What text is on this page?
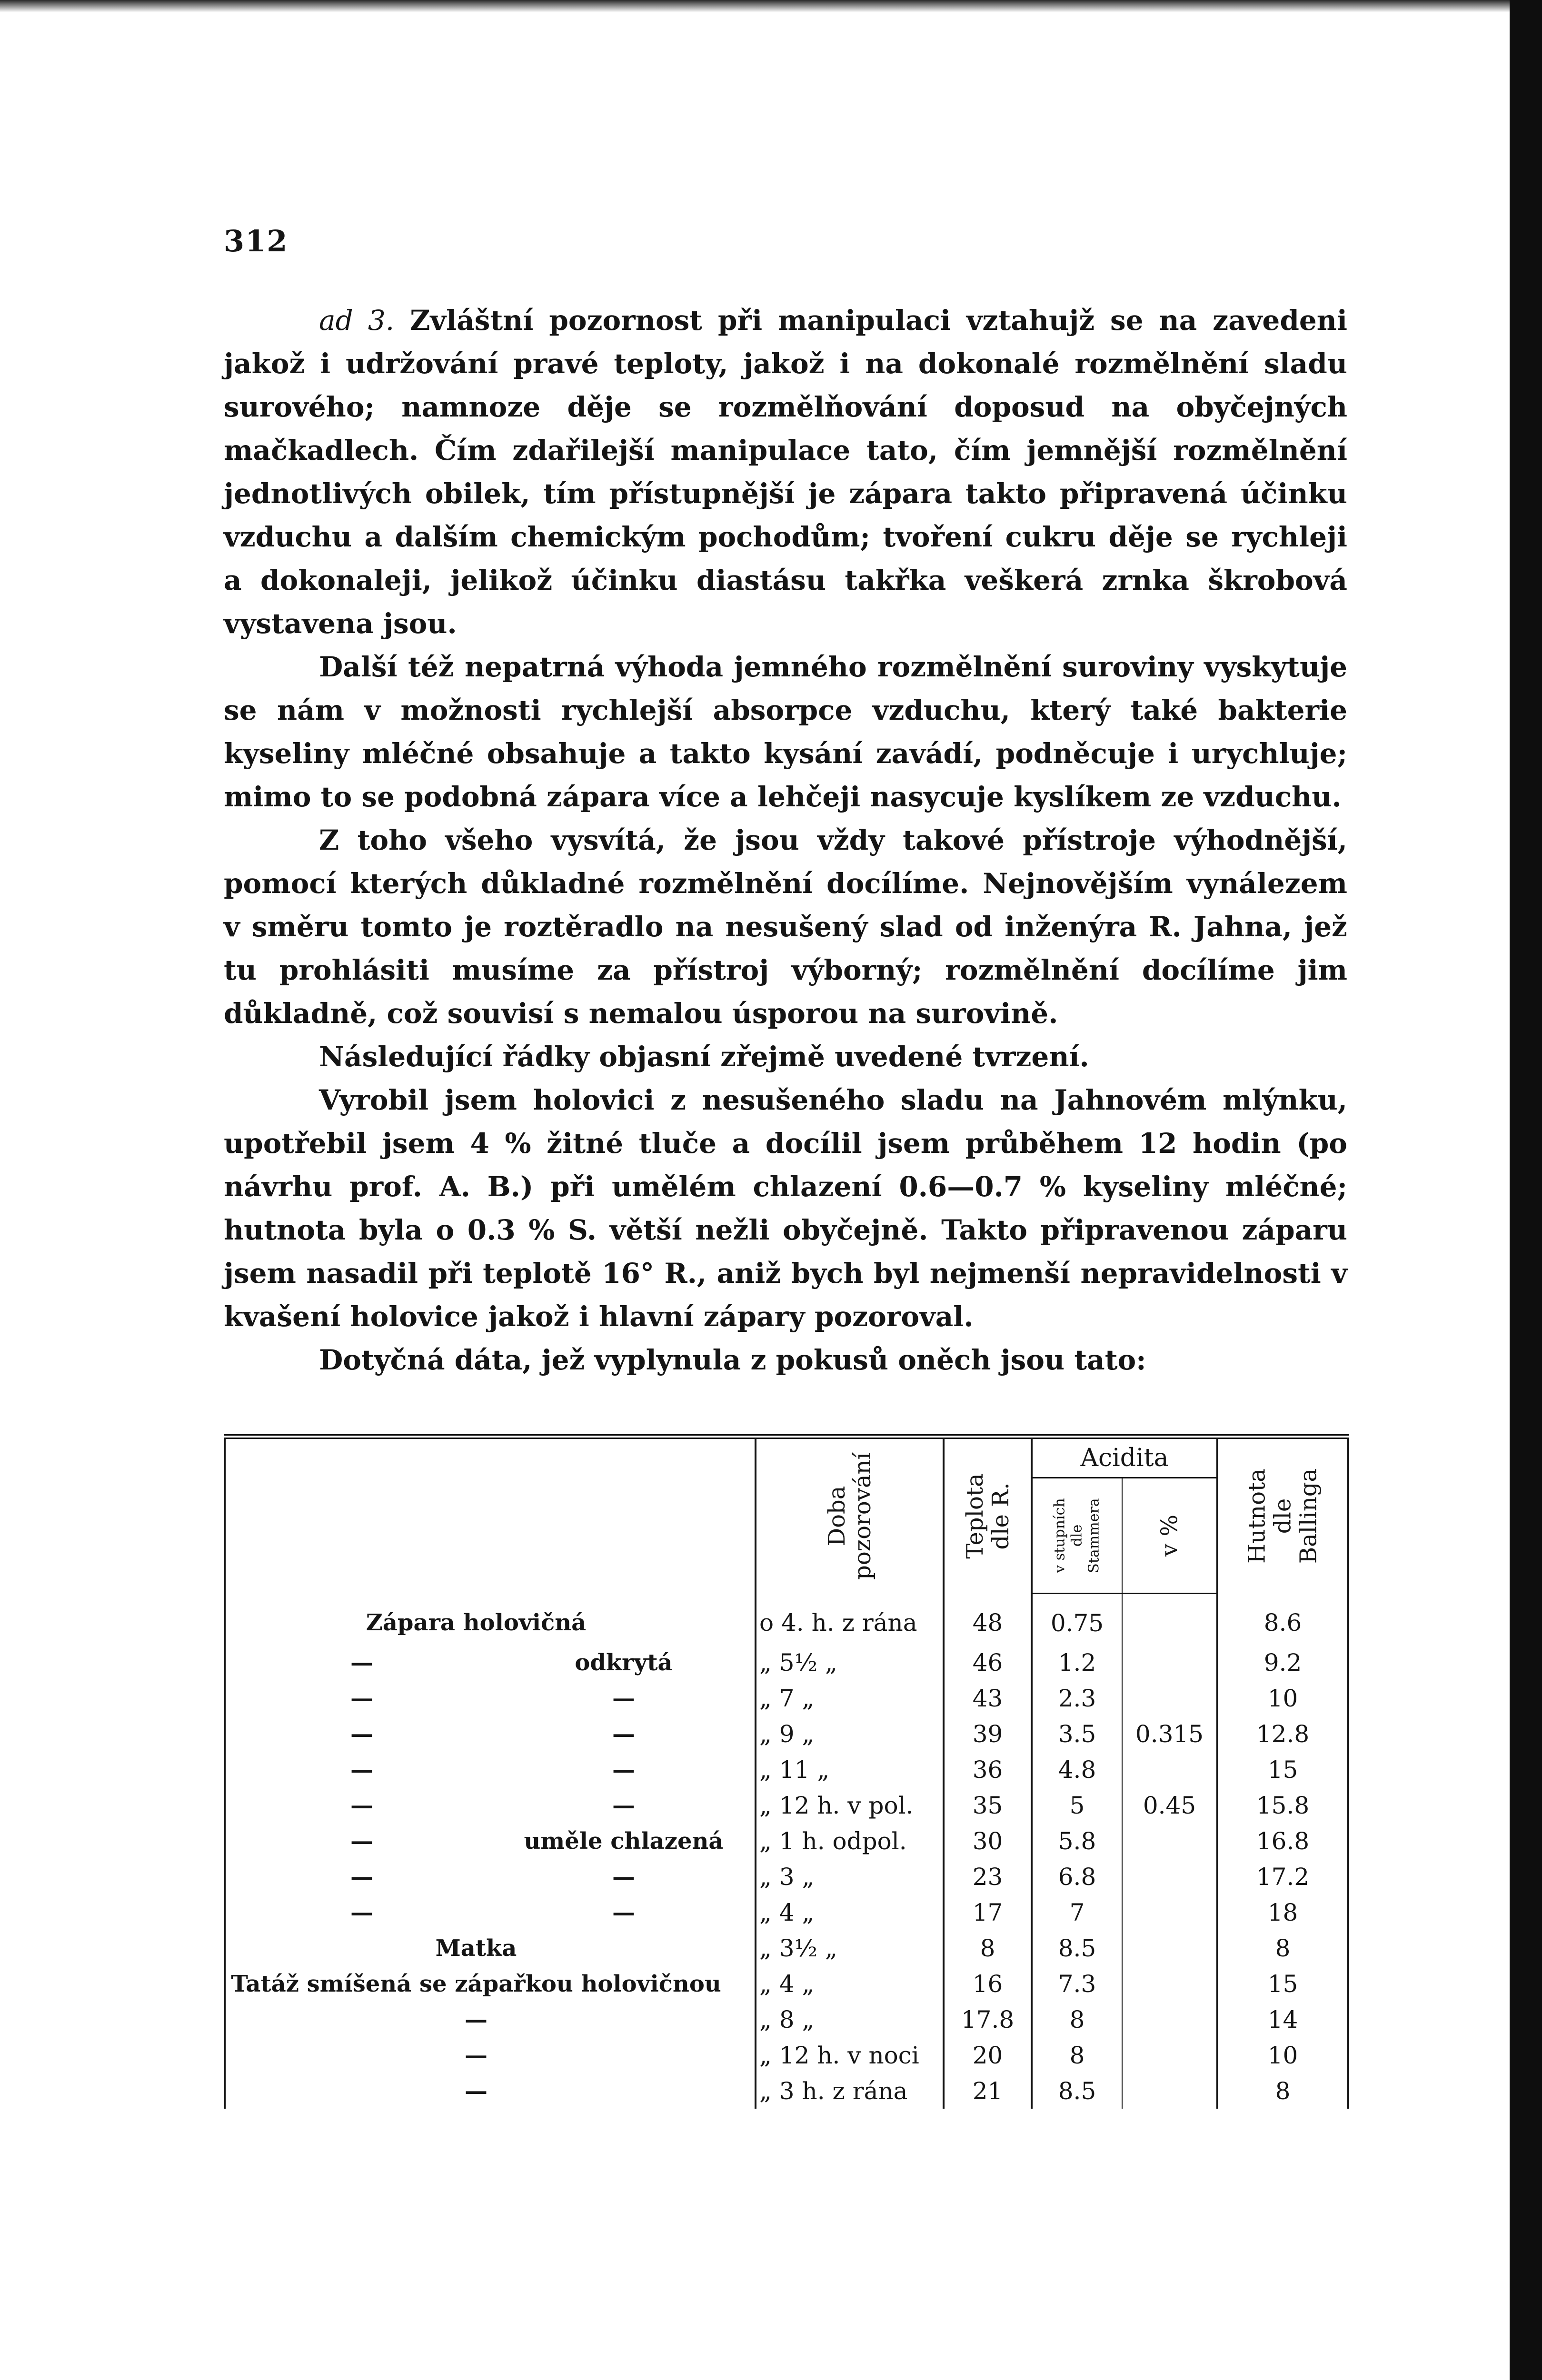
312

ad 3. Zvláštní pozornost při manipulaci vztahujž se na zavedeni jakož i udržování pravé teploty, jakož i na dokonalé rozmělnění sladu surového; namnoze děje se rozmělňování doposud na obyčejných mačkadlech. Čím zdařilejší manipulace tato, čím jemnější rozmělnění jednotlivých obilek, tím přístupnější je zápara takto připravená účinku vzduchu a dalším chemickým pochodům; tvoření cukru děje se rychleji a dokonaleji, jelikož účinku diastásu takřka veškerá zrnka škrobová vystavena jsou.

Další též nepatrná výhoda jemného rozmělnění suroviny vyskytuje se nám v možnosti rychlejší absorpce vzduchu, který také bakterie kyseliny mléčné obsahuje a takto kysání zavádí, podněcuje i urychluje; mimo to se podobná zápara více a lehčeji nasycuje kyslíkem ze vzduchu.

Z toho všeho vysvítá, že jsou vždy takové přístroje výhodnější, pomocí kterých důkladné rozmělnění docílíme. Nejnovějším vynálezem v směru tomto je roztěradlo na nesušený slad od inženýra R. Jahna, jež tu prohlásiti musíme za přístroj výborný; rozmělnění docílíme jim důkladně, což souvisí s nemalou úsporou na surovině.

Následující řádky objasní zřejmě uvedené tvrzení.

Vyrobil jsem holovici z nesušeného sladu na Jahnovém mlýnku, upotřebil jsem 4 % žitné tluče a docílil jsem průběhem 12 hodin (po návrhu prof. A. B.) při umělém chlazení 0.6—0.7 % kyseliny mléčné; hutnota byla o 0.3 % S. větší nežli obyčejně. Takto připravenou záparu jsem nasadil při teplotě 16° R., aniž bych byl nejmenší nepravidelnosti v kvašení holovice jakož i hlavní zápary pozoroval.

Dotyčná dáta, jež vyplynula z pokusů oněch jsou tato:

	Doba
pozorování	Teplota dle R.	Acidita		Hutnota dle Ballinga

			v stupních dle Stammera	v %	

Zápara holovičná	o 4. h. z rána	48	0.75		8.6
— odkrytá	„ 5½ „	46	1.2		9.2
— —	„ 7 „	43	2.3		10
— —	„ 9 „	39	3.5	0.315	12.8
— —	„ 11 „	36	4.8		15
— —	„ 12 h. v pol.	35	5	0.45	15.8
— uměle chlazená	„ 1 h. odpol.	30	5.8		16.8
— —	„ 3 „	23	6.8		17.2
— —	„ 4 „	17	7		18
Matka	„ 3½ „	8	8.5		8
Tatáž smíšená se zápařkou holovičnou	„ 4 „	16	7.3		15
—	„ 8 „	17.8	8		14
—	„ 12 h. v noci	20	8		10
—	„ 3 h. z rána	21	8.5		8
